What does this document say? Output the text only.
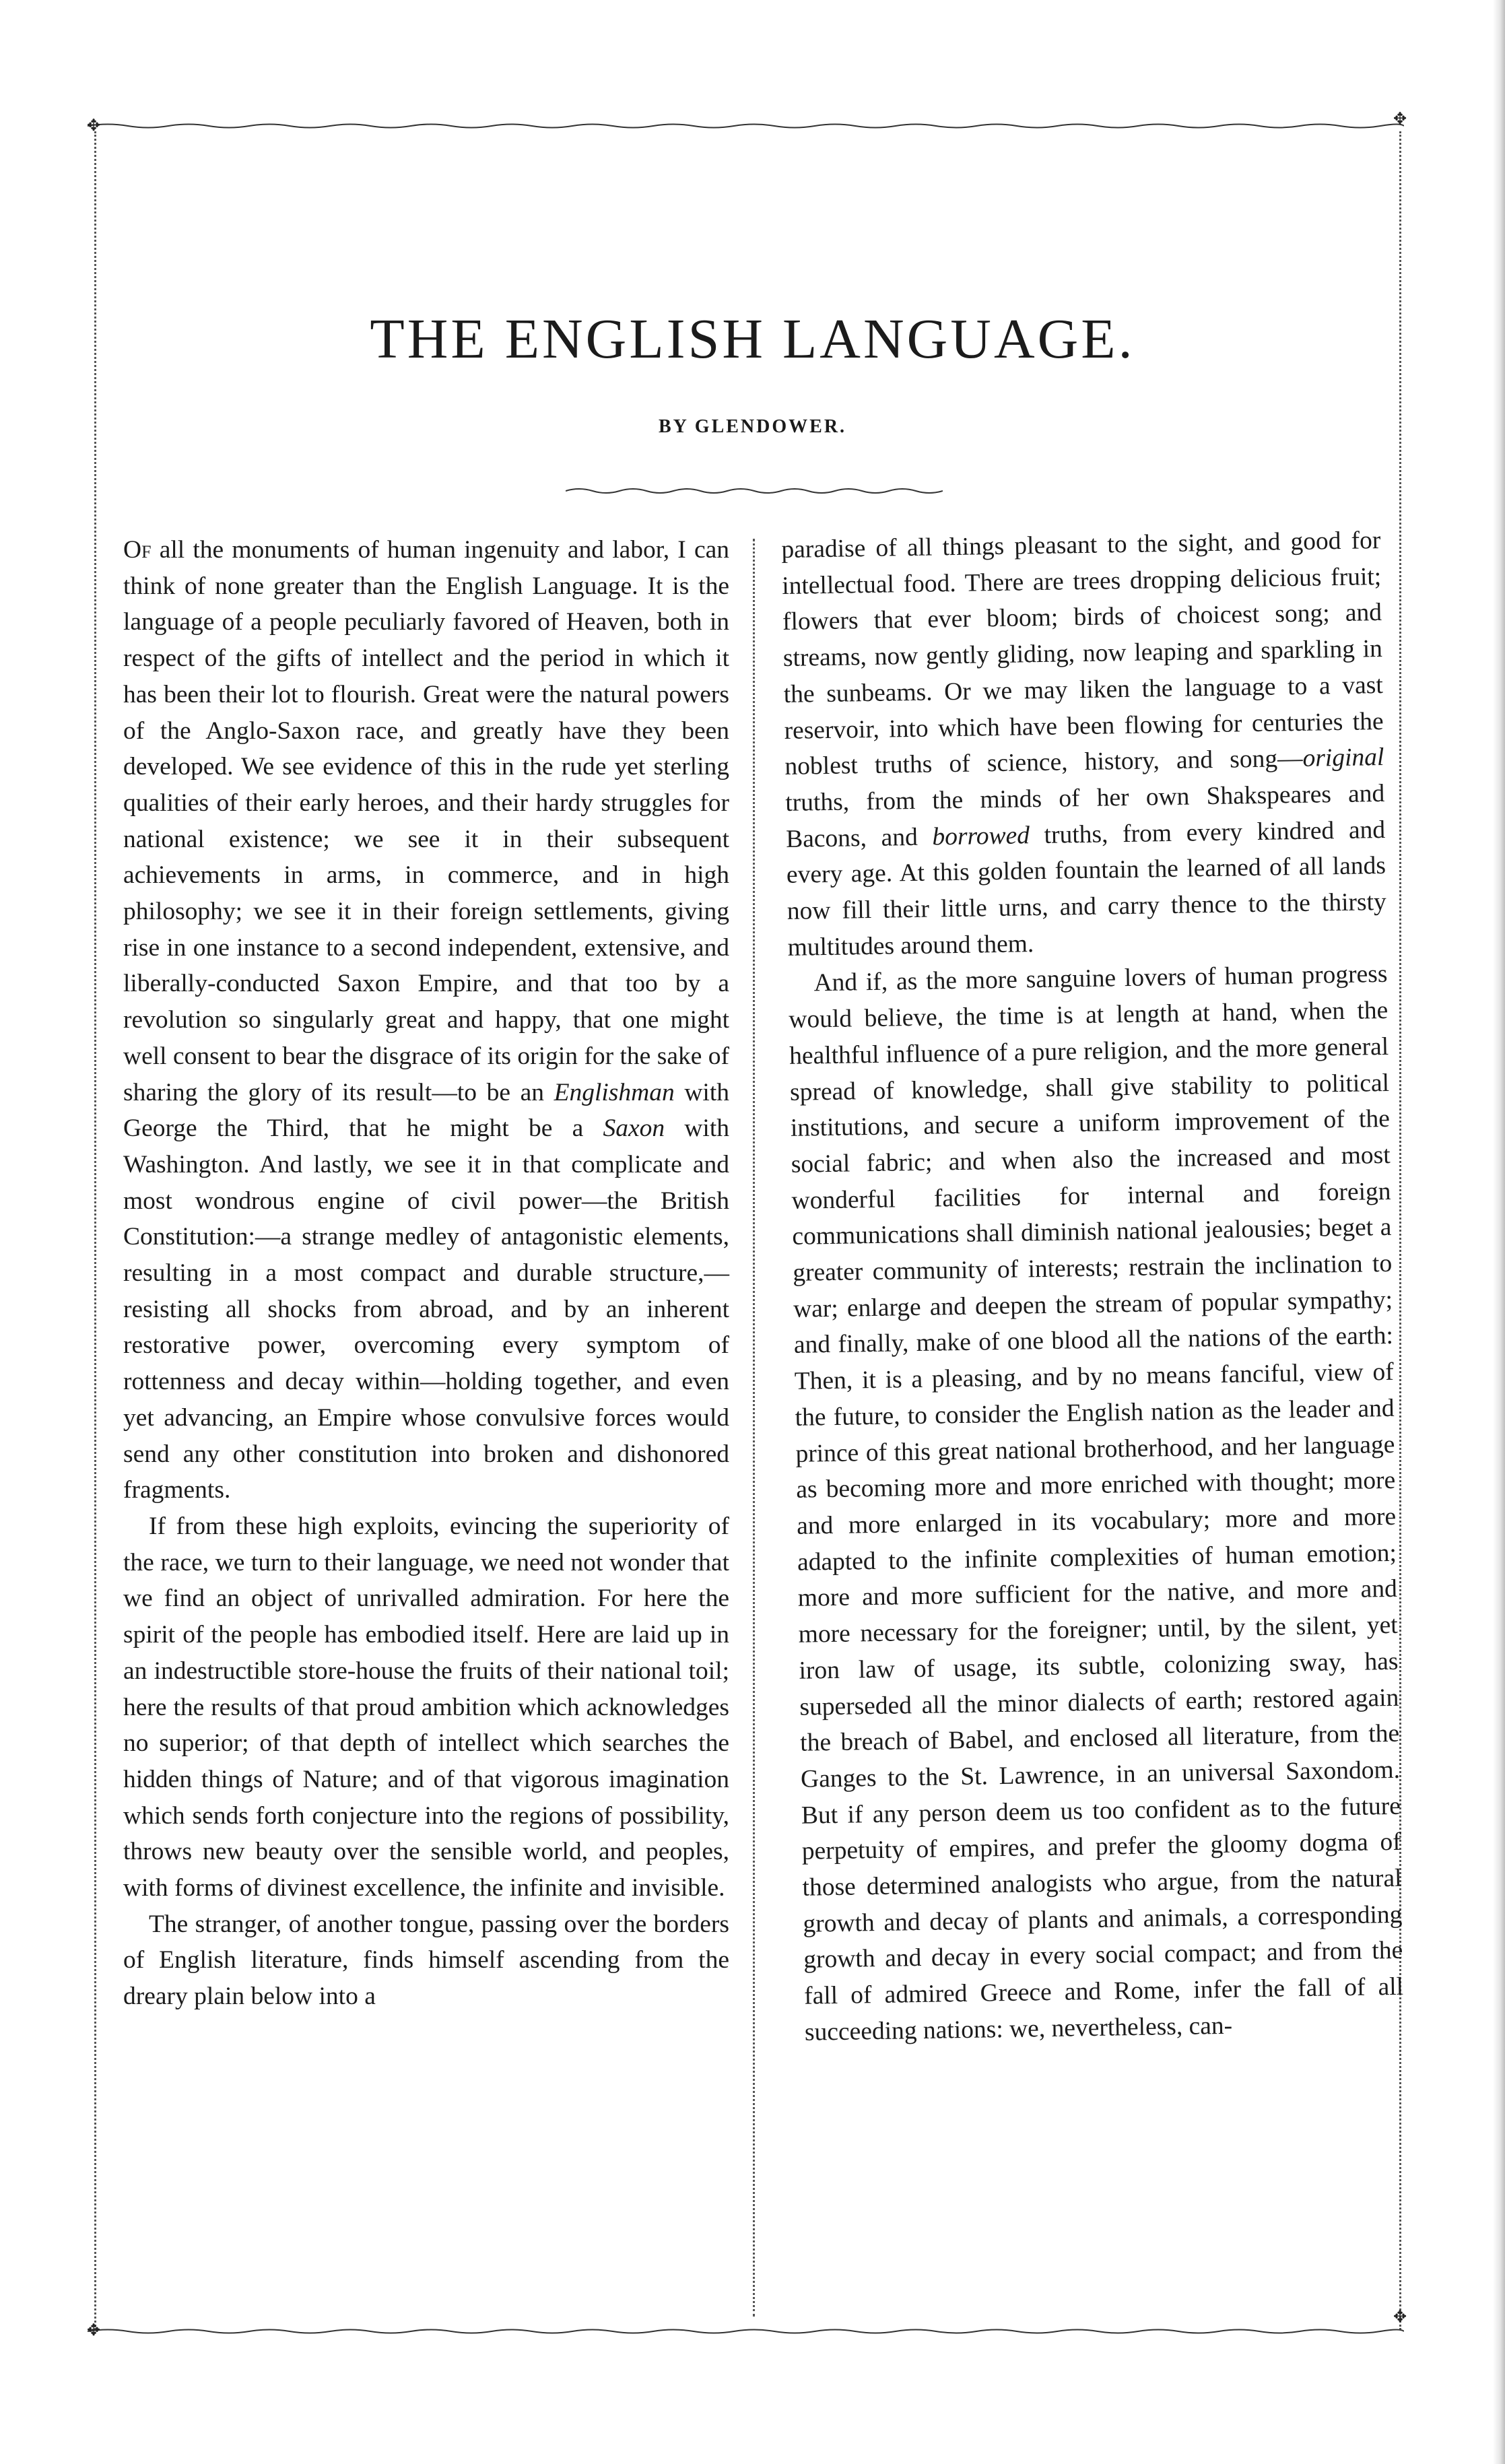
✥	✥
✥
✥
THE ENGLISH LANGUAGE.

BY GLENDOWER.

Of all the monuments of human ingenuity and labor, I can think of none greater than the English Language. It is the language of a people peculiarly favored of Heaven, both in respect of the gifts of intellect and the period in which it has been their lot to flourish. Great were the natural powers of the Anglo-Saxon race, and greatly have they been developed. We see evidence of this in the rude yet sterling qualities of their early heroes, and their hardy struggles for national existence; we see it in their subsequent achievements in arms, in commerce, and in high philosophy; we see it in their foreign settlements, giving rise in one instance to a second independent, extensive, and liberally-conducted Saxon Empire, and that too by a revolution so singularly great and happy, that one might well consent to bear the disgrace of its origin for the sake of sharing the glory of its result—to be an Englishman with George the Third, that he might be a Saxon with Washington. And lastly, we see it in that complicate and most wondrous engine of civil power—the British Constitution:—a strange medley of antagonistic elements, resulting in a most compact and durable structure,—resisting all shocks from abroad, and by an inherent restorative power, overcoming every symptom of rottenness and decay within—holding together, and even yet advancing, an Empire whose convulsive forces would send any other constitution into broken and dishonored fragments.

If from these high exploits, evincing the superiority of the race, we turn to their language, we need not wonder that we find an object of unrivalled admiration. For here the spirit of the people has embodied itself. Here are laid up in an indestructible store-house the fruits of their national toil; here the results of that proud ambition which acknowledges no superior; of that depth of intellect which searches the hidden things of Nature; and of that vigorous imagination which sends forth conjecture into the regions of possibility, throws new beauty over the sensible world, and peoples, with forms of divinest excellence, the infinite and invisible.

The stranger, of another tongue, passing over the borders of English literature, finds himself ascending from the dreary plain below into a

paradise of all things pleasant to the sight, and good for intellectual food. There are trees dropping delicious fruit; flowers that ever bloom; birds of choicest song; and streams, now gently gliding, now leaping and sparkling in the sunbeams. Or we may liken the language to a vast reservoir, into which have been flowing for centuries the noblest truths of science, history, and song—original truths, from the minds of her own Shakspeares and Bacons, and borrowed truths, from every kindred and every age. At this golden fountain the learned of all lands now fill their little urns, and carry thence to the thirsty multitudes around them.

And if, as the more sanguine lovers of human progress would believe, the time is at length at hand, when the healthful influence of a pure religion, and the more general spread of knowledge, shall give stability to political institutions, and secure a uniform improvement of the social fabric; and when also the increased and most wonderful facilities for internal and foreign communications shall diminish national jealousies; beget a greater community of interests; restrain the inclination to war; enlarge and deepen the stream of popular sympathy; and finally, make of one blood all the nations of the earth: Then, it is a pleasing, and by no means fanciful, view of the future, to consider the English nation as the leader and prince of this great national brotherhood, and her language as becoming more and more enriched with thought; more and more enlarged in its vocabulary; more and more adapted to the infinite complexities of human emotion; more and more sufficient for the native, and more and more necessary for the foreigner; until, by the silent, yet iron law of usage, its subtle, colonizing sway, has superseded all the minor dialects of earth; restored again the breach of Babel, and enclosed all literature, from the Ganges to the St. Lawrence, in an universal Saxondom. But if any person deem us too confident as to the future perpetuity of empires, and prefer the gloomy dogma of those determined analogists who argue, from the natural growth and decay of plants and animals, a corresponding growth and decay in every social compact; and from the fall of admired Greece and Rome, infer the fall of all succeeding nations: we, nevertheless, can-
